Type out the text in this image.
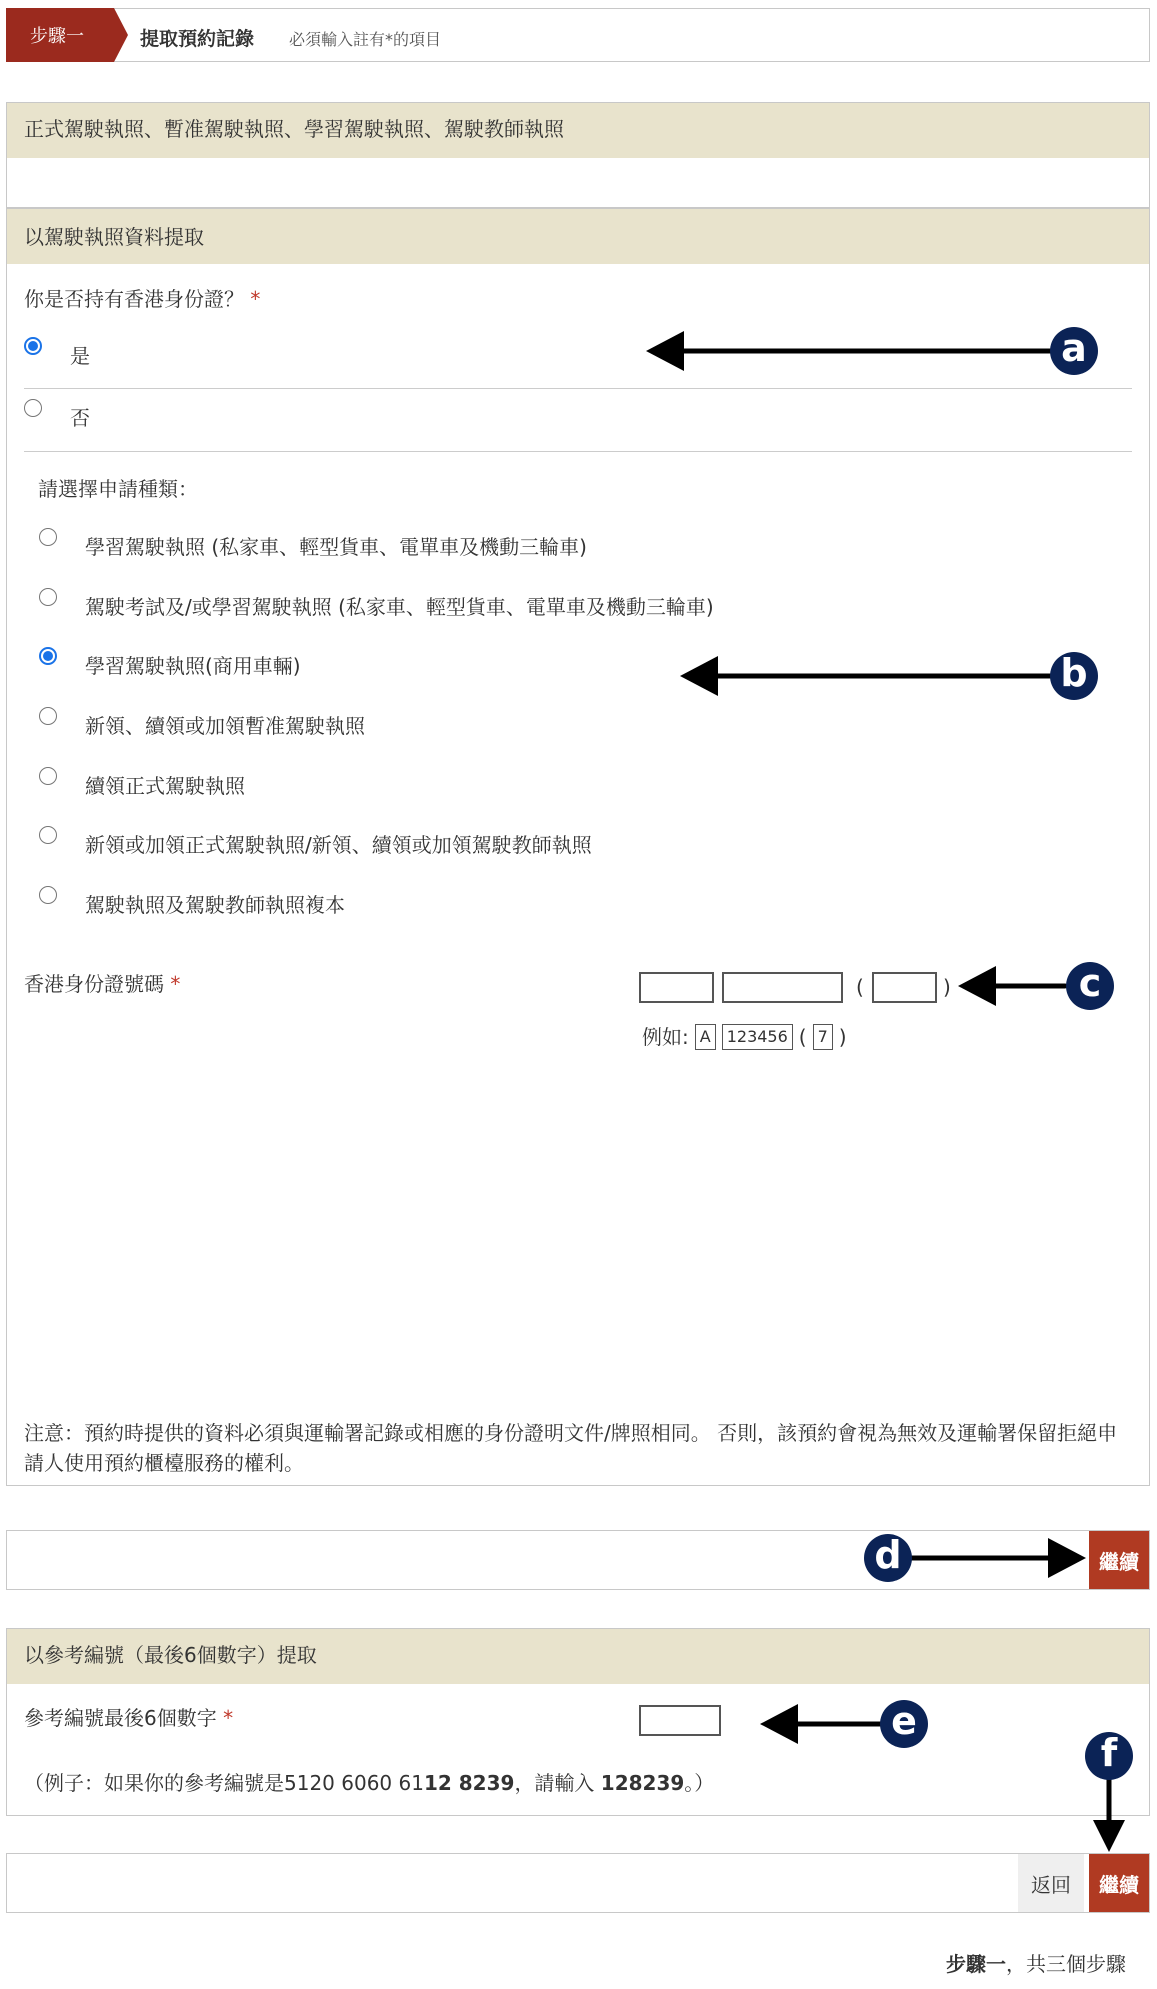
步驟一	提取預約記錄 必須輸入註有*的項目
正式駕駛執照、暫准駕駛執照、學習駕駛執照、駕駛教師執照
以駕駛執照資料提取
你是否持有香港身份證？ *
是
否
請選擇申請種類：
學習駕駛執照 (私家車、輕型貨車、電單車及機動三輪車)
駕駛考試及/或學習駕駛執照 (私家車、輕型貨車、電單車及機動三輪車)
學習駕駛執照(商用車輛)
新領、續領或加領暫准駕駛執照
續領正式駕駛執照
新領或加領正式駕駛執照/新領、續領或加領駕駛教師執照
駕駛執照及駕駛教師執照複本
香港身份證號碼 *	(	)
例如: A	123456 ( 7 )
注意：預約時提供的資料必須與運輸署記錄或相應的身份證明文件/牌照相同。 否則，該預約會視為無效及運輸署保留拒絕申請人使用預約櫃檯服務的權利。
繼續
以參考編號（最後6個數字）提取
參考編號最後6個數字 *
（例子：如果你的參考編號是5120 6060 6112 8239，請輸入 128239。）
返回	繼續
步驟一，共三個步驟
a
b
c
d
e
f
